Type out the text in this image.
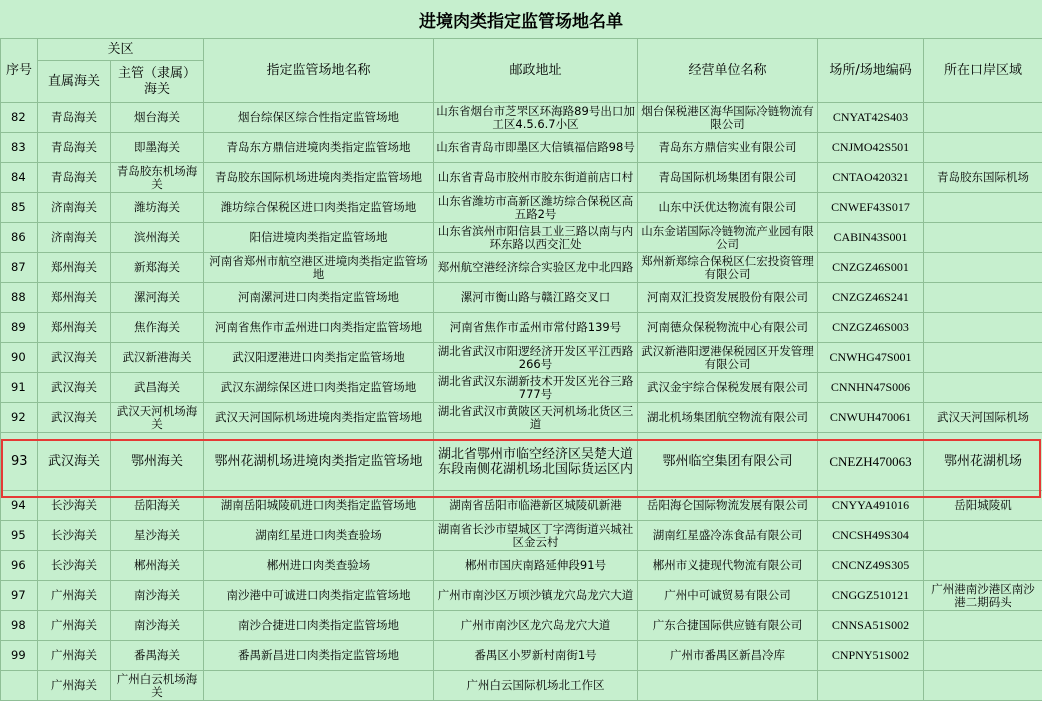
进境肉类指定监管场地名单
序号	关区		指定监管场地名称	邮政地址	经营单位名称	场所/场地编码	所在口岸区域
	直属海关	主管（隶属）海关					
82	青岛海关	烟台海关	烟台综保区综合性指定监管场地	山东省烟台市芝罘区环海路89号出口加工区4.5.6.7小区	烟台保税港区海华国际冷链物流有限公司	CNYAT42S403	
83	青岛海关	即墨海关	青岛东方鼎信进境肉类指定监管场地	山东省青岛市即墨区大信镇福信路98号	青岛东方鼎信实业有限公司	CNJMO42S501	
84	青岛海关	青岛胶东机场海关	青岛胶东国际机场进境肉类指定监管场地	山东省青岛市胶州市胶东街道前店口村	青岛国际机场集团有限公司	CNTAO420321	青岛胶东国际机场
85	济南海关	潍坊海关	潍坊综合保税区进口肉类指定监管场地	山东省潍坊市高新区潍坊综合保税区高五路2号	山东中沃优达物流有限公司	CNWEF43S017	
86	济南海关	滨州海关	阳信进境肉类指定监管场地	山东省滨州市阳信县工业三路以南与内环东路以西交汇处	山东金诺国际冷链物流产业园有限公司	CABIN43S001	
87	郑州海关	新郑海关	河南省郑州市航空港区进境肉类指定监管场地	郑州航空港经济综合实验区龙中北四路	郑州新郑综合保税区仁宏投资管理有限公司	CNZGZ46S001	
88	郑州海关	漯河海关	河南漯河进口肉类指定监管场地	漯河市衡山路与赣江路交叉口	河南双汇投资发展股份有限公司	CNZGZ46S241	
89	郑州海关	焦作海关	河南省焦作市孟州进口肉类指定监管场地	河南省焦作市孟州市常付路139号	河南德众保税物流中心有限公司	CNZGZ46S003	
90	武汉海关	武汉新港海关	武汉阳逻港进口肉类指定监管场地	湖北省武汉市阳逻经济开发区平江西路266号	武汉新港阳逻港保税园区开发管理有限公司	CNWHG47S001	
91	武汉海关	武昌海关	武汉东湖综保区进口肉类指定监管场地	湖北省武汉东湖新技术开发区光谷三路777号	武汉金宇综合保税发展有限公司	CNNHN47S006	
92	武汉海关	武汉天河机场海关	武汉天河国际机场进境肉类指定监管场地	湖北省武汉市黄陂区天河机场北货区三道	湖北机场集团航空物流有限公司	CNWUH470061	武汉天河国际机场
93	武汉海关	鄂州海关	鄂州花湖机场进境肉类指定监管场地	湖北省鄂州市临空经济区吴楚大道东段南侧花湖机场北国际货运区内	鄂州临空集团有限公司	CNEZH470063	鄂州花湖机场
94	长沙海关	岳阳海关	湖南岳阳城陵矶进口肉类指定监管场地	湖南省岳阳市临港新区城陵矶新港	岳阳海仑国际物流发展有限公司	CNYYA491016	岳阳城陵矶
95	长沙海关	星沙海关	湖南红星进口肉类查验场	湖南省长沙市望城区丁字湾街道兴城社区金云村	湖南红星盛冷冻食品有限公司	CNCSH49S304	
96	长沙海关	郴州海关	郴州进口肉类查验场	郴州市国庆南路延伸段91号	郴州市义捷现代物流有限公司	CNCNZ49S305	
97	广州海关	南沙海关	南沙港中可诚进口肉类指定监管场地	广州市南沙区万顷沙镇龙穴岛龙穴大道	广州中可诚贸易有限公司	CNGGZ510121	广州港南沙港区南沙港二期码头
98	广州海关	南沙海关	南沙合捷进口肉类指定监管场地	广州市南沙区龙穴岛龙穴大道	广东合捷国际供应链有限公司	CNNSA51S002	
99	广州海关	番禺海关	番禺新昌进口肉类指定监管场地	番禺区小罗新村南街1号	广州市番禺区新昌冷库	CNPNY51S002	
	广州海关	广州白云机场海关		广州白云国际机场北工作区			
